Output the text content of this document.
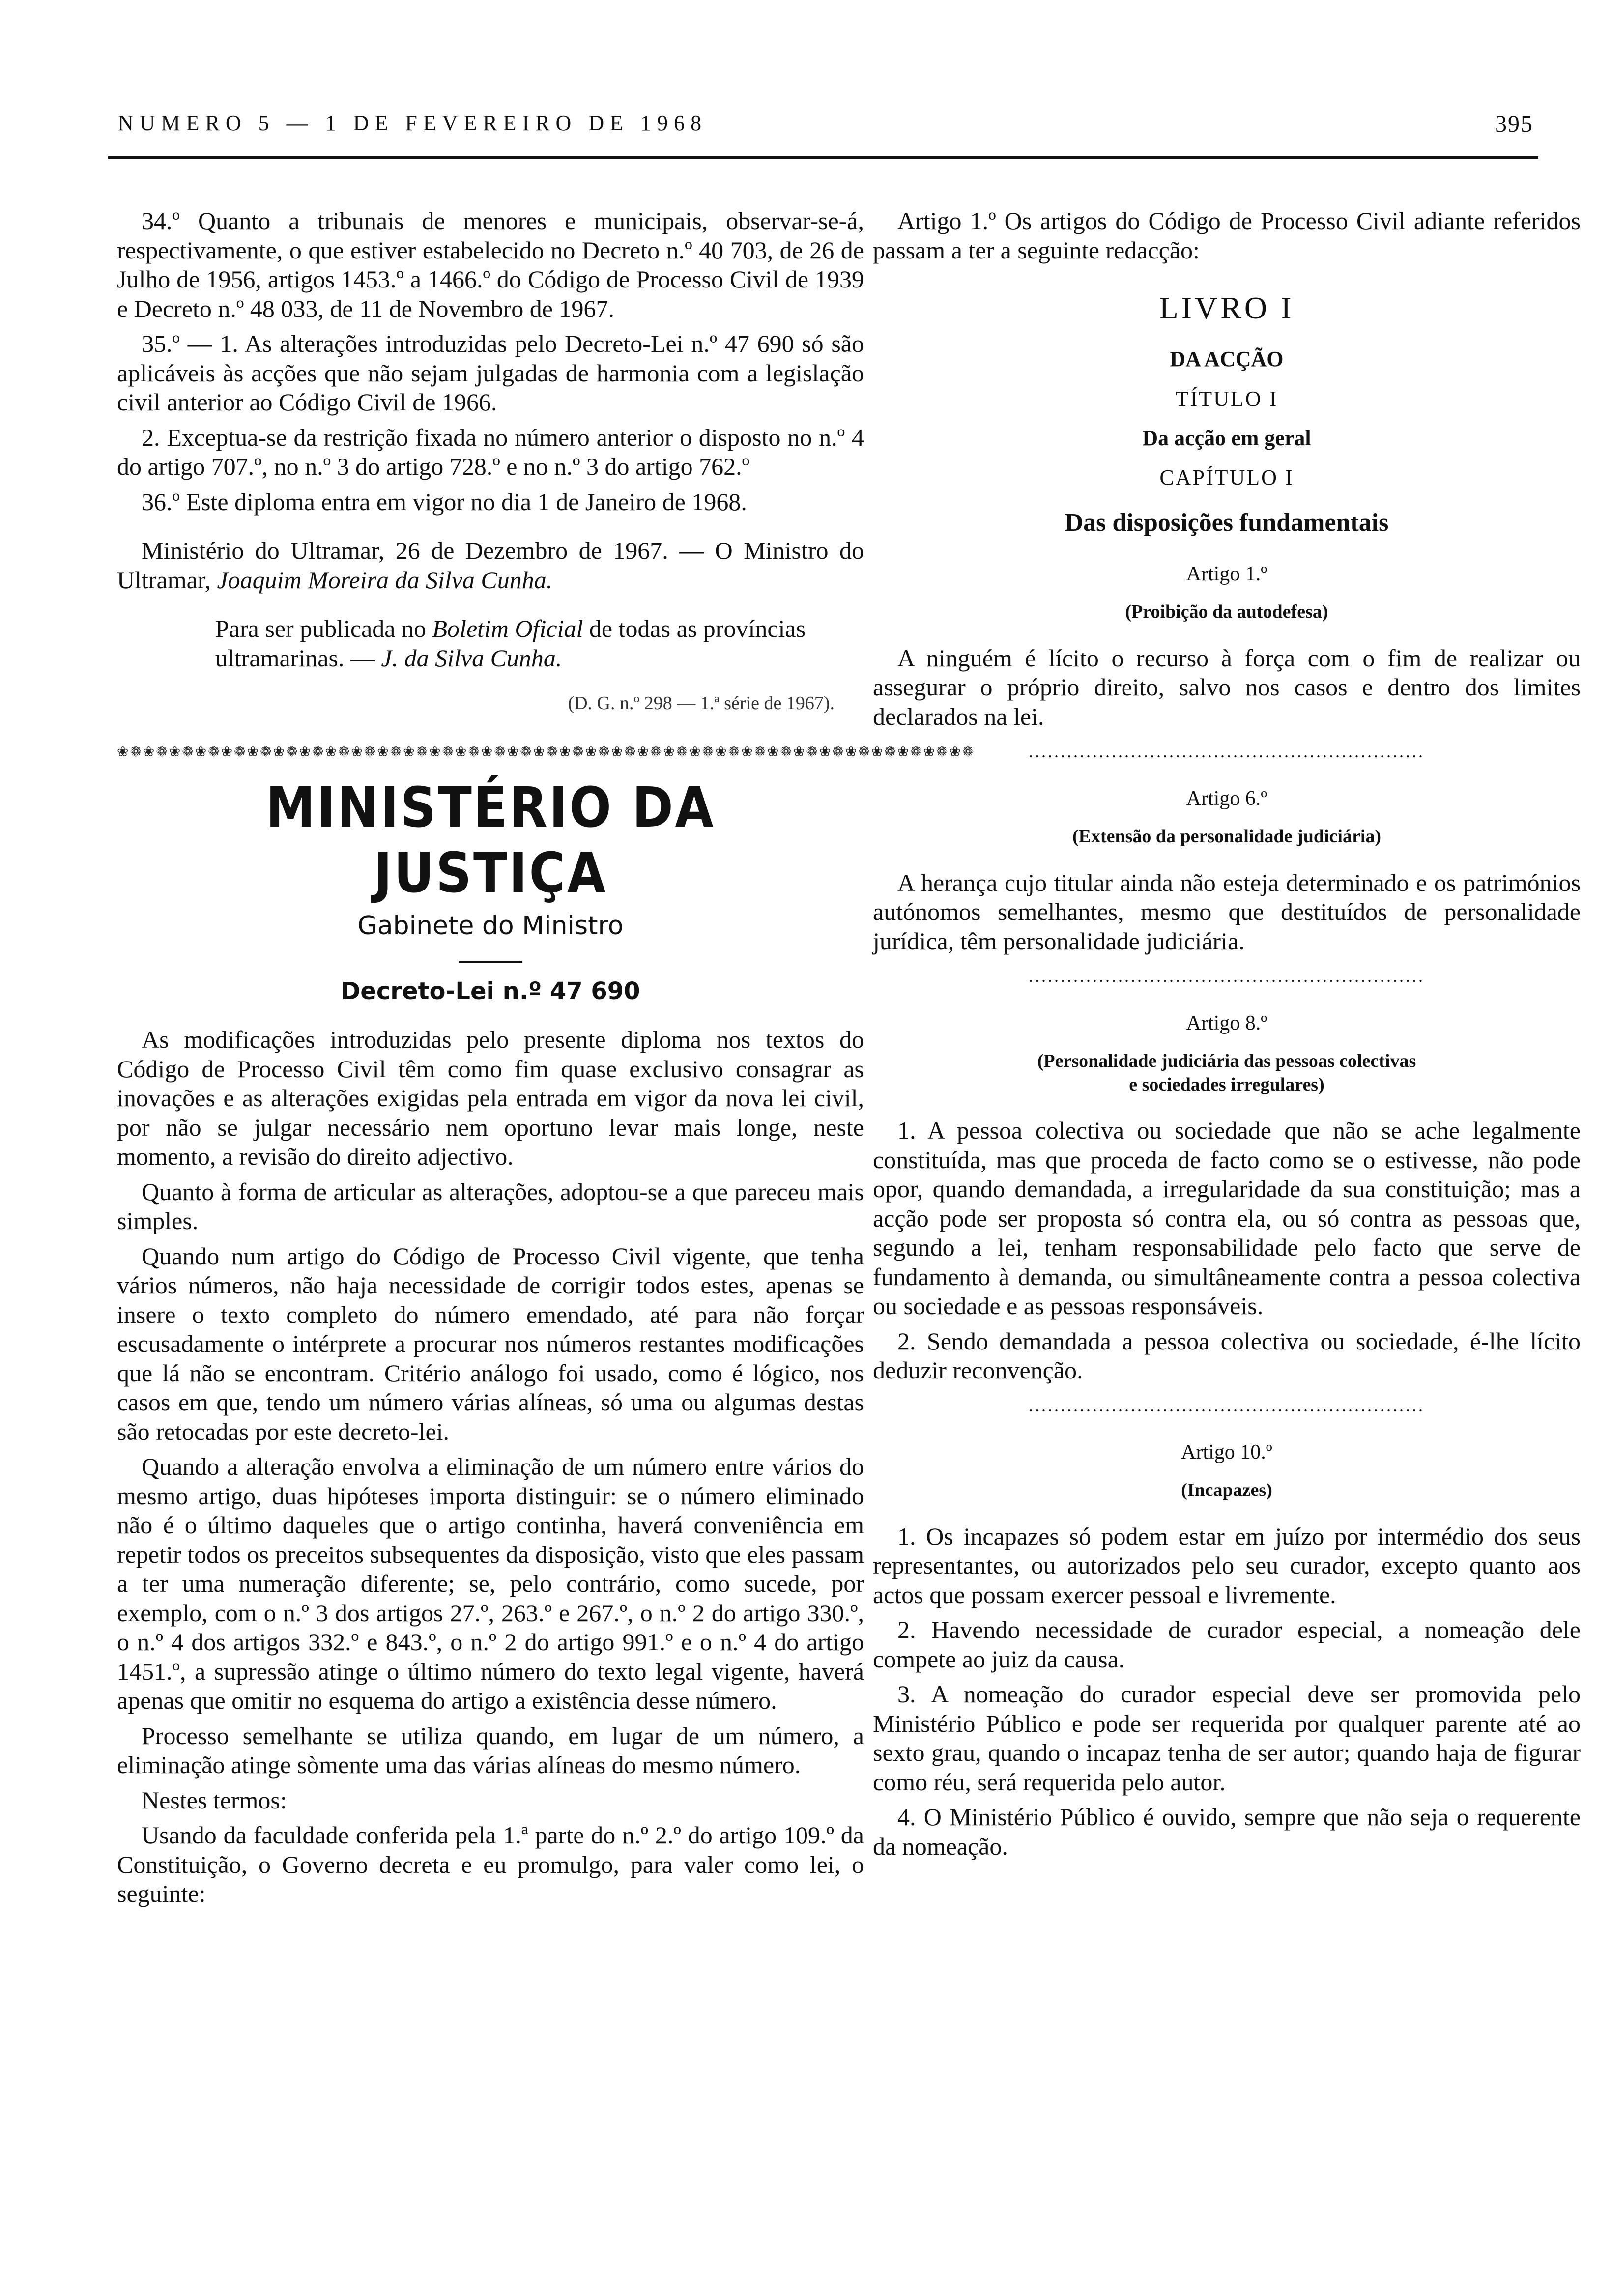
NUMERO 5 — 1 DE FEVEREIRO DE 1968	395

34.º Quanto a tribunais de menores e municipais, observar-se-á, respectivamente, o que estiver estabelecido no Decreto n.º 40 703, de 26 de Julho de 1956, artigos 1453.º a 1466.º do Código de Processo Civil de 1939 e Decreto n.º 48 033, de 11 de Novembro de 1967.

35.º — 1. As alterações introduzidas pelo Decreto-Lei n.º 47 690 só são aplicáveis às acções que não sejam julgadas de harmonia com a legislação civil anterior ao Código Civil de 1966.

2. Exceptua-se da restrição fixada no número anterior o disposto no n.º 4 do artigo 707.º, no n.º 3 do artigo 728.º e no n.º 3 do artigo 762.º

36.º Este diploma entra em vigor no dia 1 de Janeiro de 1968.

Ministério do Ultramar, 26 de Dezembro de 1967. — O Ministro do Ultramar, Joaquim Moreira da Silva Cunha.

Para ser publicada no Boletim Oficial de todas as províncias ultramarinas. — J. da Silva Cunha.

(D. G. n.º 298 — 1.ª série de 1967).
❀❁❀❁❀❁❀❁❀❁❀❁❀❁❀❁❀❁❀❁❀❁❀❁❀❁❀❁❀❁❀❁❀❁❀❁❀❁❀❁❀❁❀❁❀❁❀❁❀❁❀❁❀❁❀❁❀❁❀❁❀❁❀❁❀❁
MINISTÉRIO DA JUSTIÇA
Gabinete do Ministro
Decreto-Lei n.º 47 690

As modificações introduzidas pelo presente diploma nos textos do Código de Processo Civil têm como fim quase exclusivo consagrar as inovações e as alterações exigidas pela entrada em vigor da nova lei civil, por não se julgar necessário nem oportuno levar mais longe, neste momento, a revisão do direito adjectivo.

Quanto à forma de articular as alterações, adoptou-se a que pareceu mais simples.

Quando num artigo do Código de Processo Civil vigente, que tenha vários números, não haja necessidade de corrigir todos estes, apenas se insere o texto completo do número emendado, até para não forçar escusadamente o intérprete a procurar nos números restantes modificações que lá não se encontram. Critério análogo foi usado, como é lógico, nos casos em que, tendo um número várias alíneas, só uma ou algumas destas são retocadas por este decreto-lei.

Quando a alteração envolva a eliminação de um número entre vários do mesmo artigo, duas hipóteses importa distinguir: se o número eliminado não é o último daqueles que o artigo continha, haverá conveniência em repetir todos os preceitos subsequentes da disposição, visto que eles passam a ter uma numeração diferente; se, pelo contrário, como sucede, por exemplo, com o n.º 3 dos artigos 27.º, 263.º e 267.º, o n.º 2 do artigo 330.º, o n.º 4 dos artigos 332.º e 843.º, o n.º 2 do artigo 991.º e o n.º 4 do artigo 1451.º, a supressão atinge o último número do texto legal vigente, haverá apenas que omitir no esquema do artigo a existência desse número.

Processo semelhante se utiliza quando, em lugar de um número, a eliminação atinge sòmente uma das várias alíneas do mesmo número.

Nestes termos:

Usando da faculdade conferida pela 1.ª parte do n.º 2.º do artigo 109.º da Constituição, o Governo decreta e eu promulgo, para valer como lei, o seguinte:

Artigo 1.º Os artigos do Código de Processo Civil adiante referidos passam a ter a seguinte redacção:

LIVRO I
DA ACÇÃO
TÍTULO I
Da acção em geral
CAPÍTULO I
Das disposições fundamentais
Artigo 1.º
(Proibição da autodefesa)

A ninguém é lícito o recurso à força com o fim de realizar ou assegurar o próprio direito, salvo nos casos e dentro dos limites declarados na lei.

..............................................................
Artigo 6.º
(Extensão da personalidade judiciária)

A herança cujo titular ainda não esteja determinado e os patrimónios autónomos semelhantes, mesmo que destituídos de personalidade jurídica, têm personalidade judiciária.

..............................................................
Artigo 8.º
(Personalidade judiciária das pessoas colectivas
e sociedades irregulares)

1. A pessoa colectiva ou sociedade que não se ache legalmente constituída, mas que proceda de facto como se o estivesse, não pode opor, quando demandada, a irregularidade da sua constituição; mas a acção pode ser proposta só contra ela, ou só contra as pessoas que, segundo a lei, tenham responsabilidade pelo facto que serve de fundamento à demanda, ou simultâneamente contra a pessoa colectiva ou sociedade e as pessoas responsáveis.

2. Sendo demandada a pessoa colectiva ou sociedade, é-lhe lícito deduzir reconvenção.

..............................................................
Artigo 10.º
(Incapazes)

1. Os incapazes só podem estar em juízo por intermédio dos seus representantes, ou autorizados pelo seu curador, excepto quanto aos actos que possam exercer pessoal e livremente.

2. Havendo necessidade de curador especial, a nomeação dele compete ao juiz da causa.

3. A nomeação do curador especial deve ser promovida pelo Ministério Público e pode ser requerida por qualquer parente até ao sexto grau, quando o incapaz tenha de ser autor; quando haja de figurar como réu, será requerida pelo autor.

4. O Ministério Público é ouvido, sempre que não seja o requerente da nomeação.
